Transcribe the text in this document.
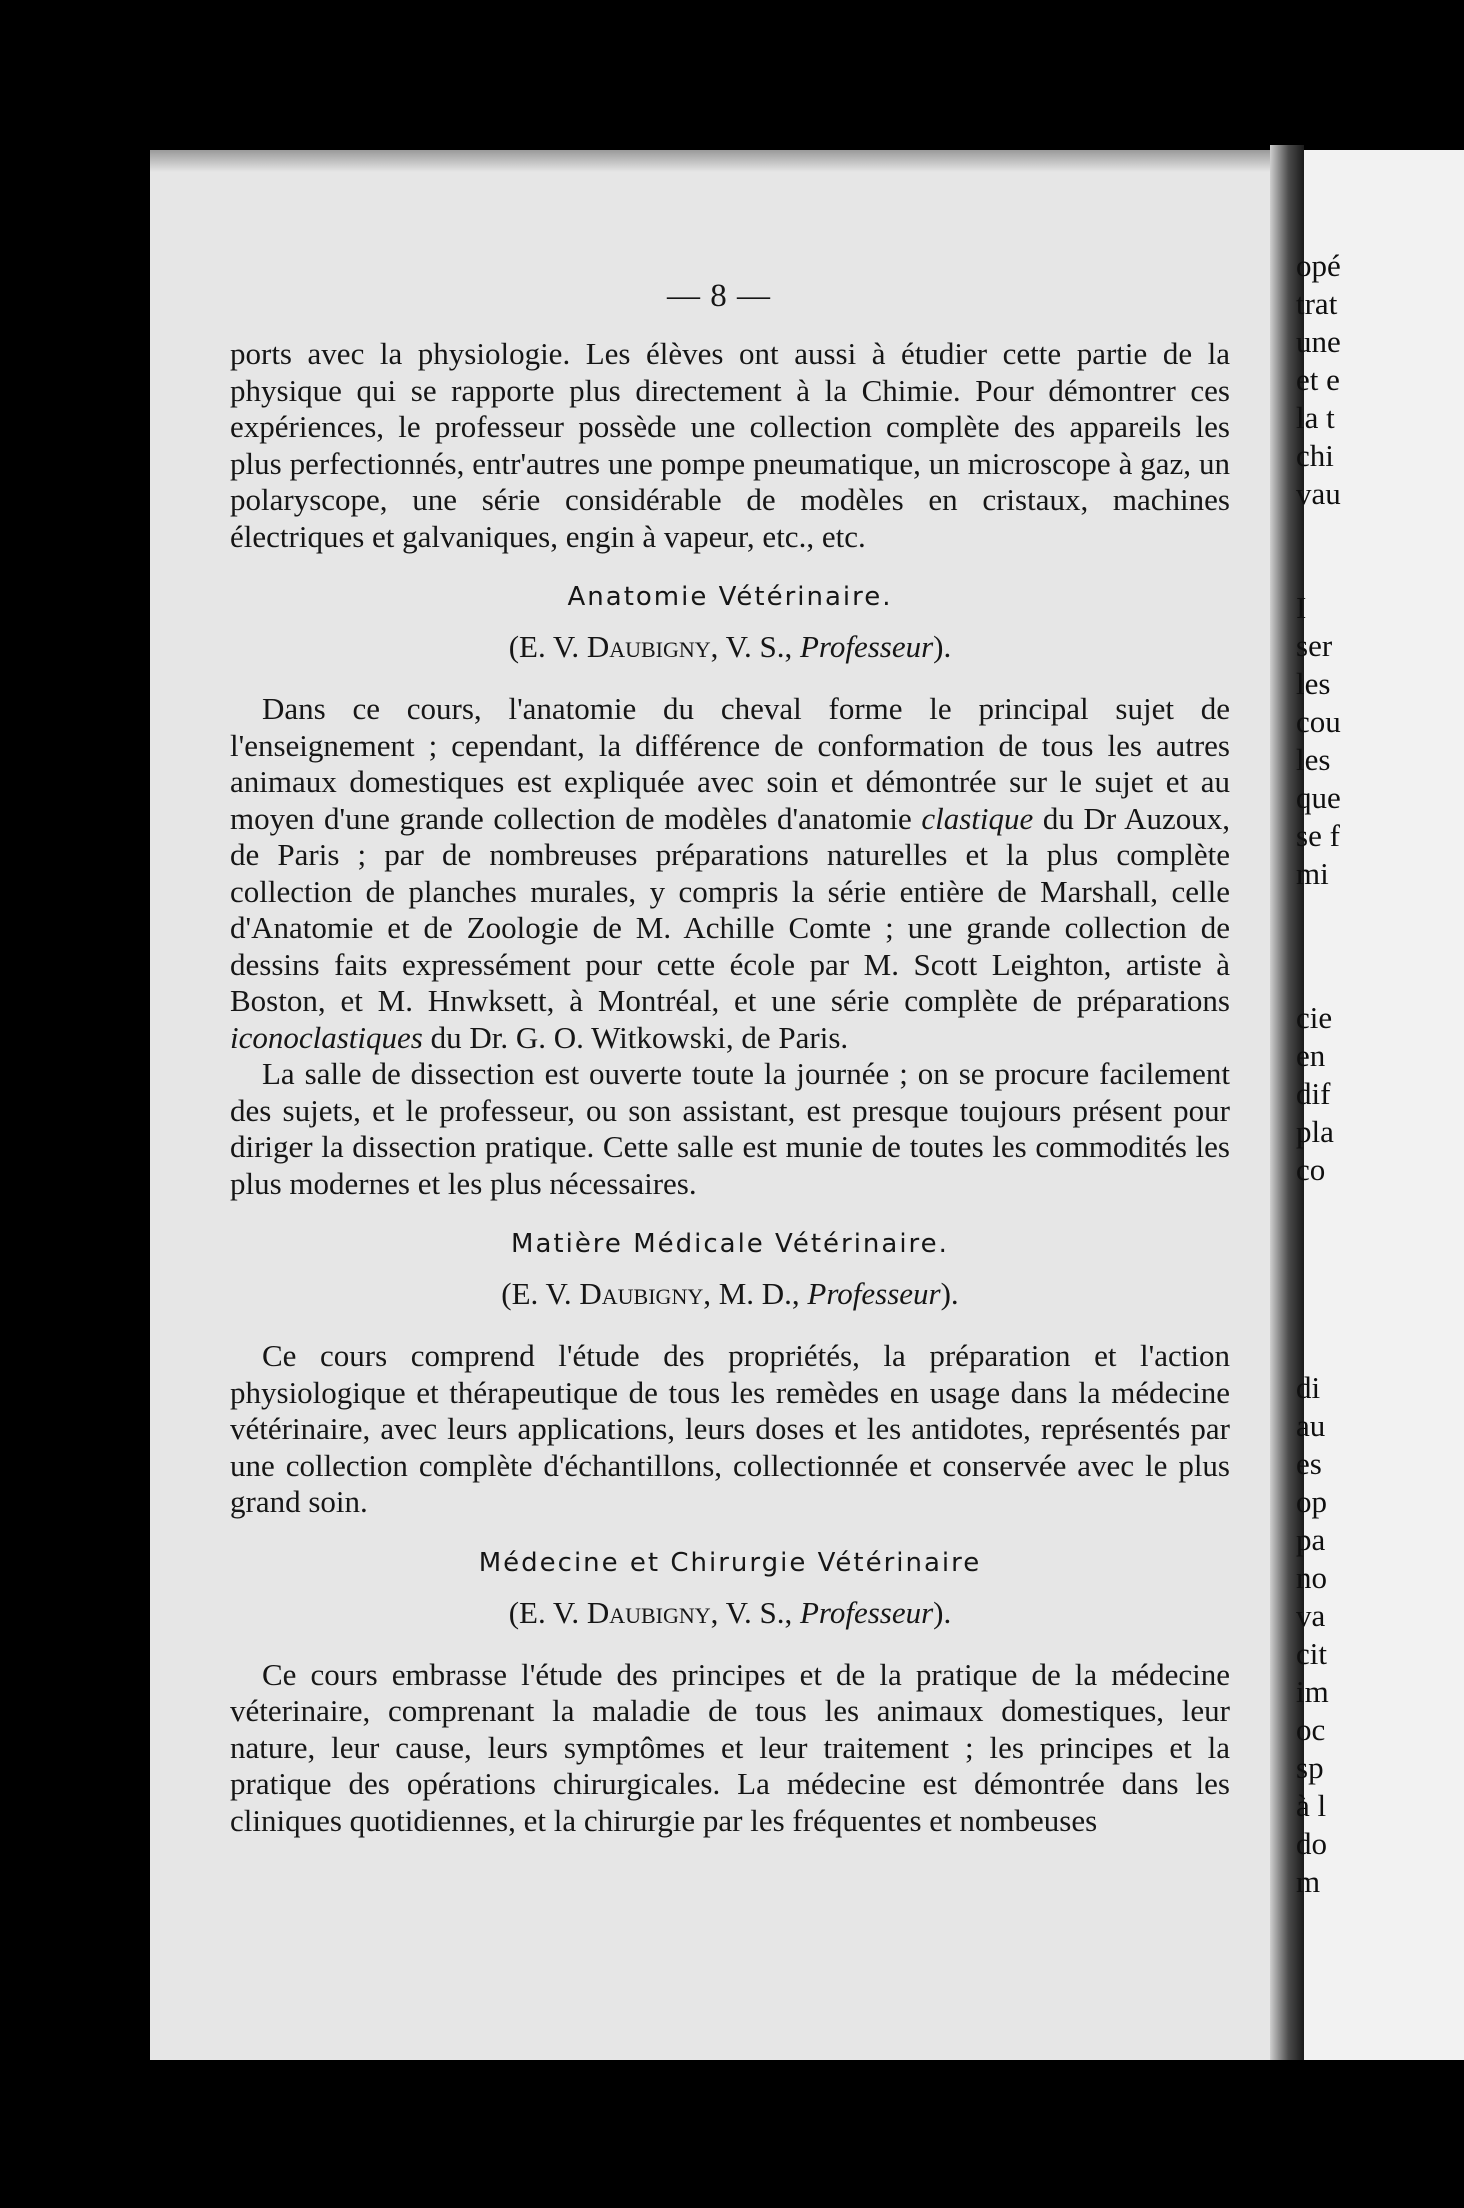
— 8 —

ports avec la physiologie. Les élèves ont aussi à étudier cette partie de la physique qui se rapporte plus directement à la Chimie. Pour démontrer ces expériences, le professeur possède une collection complète des appareils les plus perfectionnés, entr'autres une pompe pneumatique, un microscope à gaz, un polaryscope, une série considérable de modèles en cristaux, machines électriques et galvaniques, engin à vapeur, etc., etc.

Anatomie Vétérinaire.
(E. V. Daubigny, V. S., Professeur).

Dans ce cours, l'anatomie du cheval forme le principal sujet de l'enseignement ; cependant, la différence de conformation de tous les autres animaux domestiques est expliquée avec soin et démontrée sur le sujet et au moyen d'une grande collection de modèles d'anatomie clastique du Dr Auzoux, de Paris ; par de nombreuses préparations naturelles et la plus complète collection de planches murales, y compris la série entière de Marshall, celle d'Anatomie et de Zoologie de M. Achille Comte ; une grande collection de dessins faits expressément pour cette école par M. Scott Leighton, artiste à Boston, et M. Hnwksett, à Montréal, et une série complète de préparations iconoclastiques du Dr. G. O. Witkowski, de Paris.

La salle de dissection est ouverte toute la journée ; on se procure facilement des sujets, et le professeur, ou son assistant, est presque toujours présent pour diriger la dissection pratique. Cette salle est munie de toutes les commodités les plus modernes et les plus nécessaires.

Matière Médicale Vétérinaire.
(E. V. Daubigny, M. D., Professeur).

Ce cours comprend l'étude des propriétés, la préparation et l'action physiologique et thérapeutique de tous les remèdes en usage dans la médecine vétérinaire, avec leurs applications, leurs doses et les antidotes, représentés par une collection complète d'échantillons, collectionnée et conservée avec le plus grand soin.

Médecine et Chirurgie Vétérinaire
(E. V. Daubigny, V. S., Professeur).

Ce cours embrasse l'étude des principes et de la pratique de la médecine véterinaire, comprenant la maladie de tous les animaux domestiques, leur nature, leur cause, leurs symptômes et leur traitement ; les principes et la pratique des opérations chirurgicales. La médecine est démontrée dans les cliniques quotidiennes, et la chirurgie par les fréquentes et nombeuses

opé
trat
une
et e
la t
chi
vau
I
ser
les
cou
les
que
se f
mi
cie
en
dif
pla
co
di
au
es
op
pa
no
va
cit
im
oc
sp
à l
do
m
